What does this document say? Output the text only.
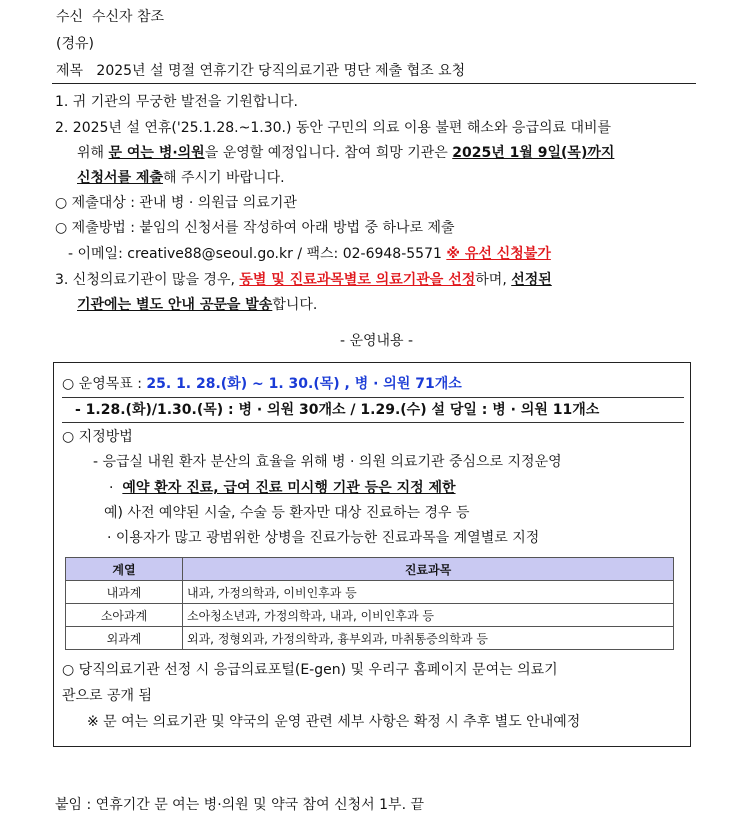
수신 수신자 참조
(경유)
제목 2025년 설 명절 연휴기간 당직의료기관 명단 제출 협조 요청
1. 귀 기관의 무궁한 발전을 기원합니다.
2. 2025년 설 연휴('25.1.28.~1.30.) 동안 구민의 의료 이용 불편 해소와 응급의료 대비를
위해 문 여는 병·의원을 운영할 예정입니다. 참여 희망 기관은 2025년 1월 9일(목)까지
신청서를 제출해 주시기 바랍니다.
○ 제출대상 : 관내 병 · 의원급 의료기관
○ 제출방법 : 붙임의 신청서를 작성하여 아래 방법 중 하나로 제출
- 이메일: creative88@seoul.go.kr / 팩스: 02-6948-5571 ※ 유선 신청불가
3. 신청의료기관이 많을 경우, 동별 및 진료과목별로 의료기관을 선정하며, 선정된
기관에는 별도 안내 공문을 발송합니다.
- 운영내용 -
○ 운영목표 : 25. 1. 28.(화) ~ 1. 30.(목) , 병 · 의원 71개소
- 1.28.(화)/1.30.(목) : 병 · 의원 30개소 / 1.29.(수) 설 당일 : 병 · 의원 11개소
○ 지정방법
- 응급실 내원 환자 분산의 효율을 위해 병 · 의원 의료기관 중심으로 지정운영
· 예약 환자 진료, 급여 진료 미시행 기관 등은 지정 제한
예) 사전 예약된 시술, 수술 등 환자만 대상 진료하는 경우 등
· 이용자가 많고 광범위한 상병을 진료가능한 진료과목을 계열별로 지정
계열	진료과목
내과계	내과, 가정의학과, 이비인후과 등
소아과계	소아청소년과, 가정의학과, 내과, 이비인후과 등
외과계	외과, 정형외과, 가정의학과, 흉부외과, 마취통증의학과 등
○ 당직의료기관 선정 시 응급의료포털(E-gen) 및 우리구 홈페이지 문여는 의료기
관으로 공개 됨
※ 문 여는 의료기관 및 약국의 운영 관련 세부 사항은 확정 시 추후 별도 안내예정
붙임 : 연휴기간 문 여는 병·의원 및 약국 참여 신청서 1부. 끝
